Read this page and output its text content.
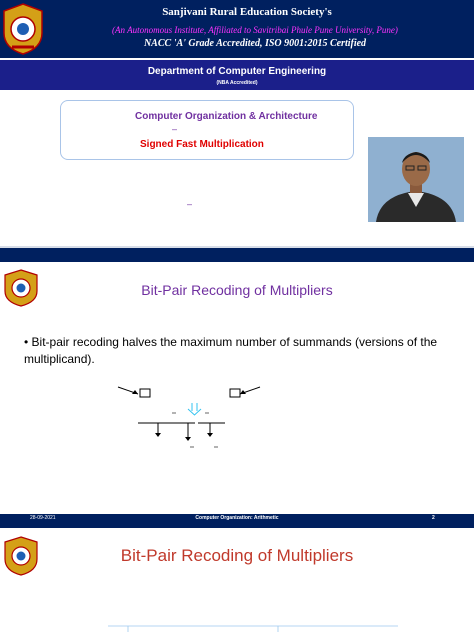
Sanjivani Rural Education Society's
(An Autonomous Institute, Affiliated to Savitribai Phule Pune University, Pune)
NACC 'A' Grade Accredited, ISO 9001:2015 Certified
Department of Computer Engineering
(NBA Accredited)
Computer Organization & Architecture
–
Signed Fast Multiplication
–
Bit-Pair Recoding of Multipliers
• Bit-pair recoding halves the maximum number of summands (versions of the multiplicand).
28-09-2021	Computer Organization: Arithmetic	2
Bit-Pair Recoding of Multipliers
